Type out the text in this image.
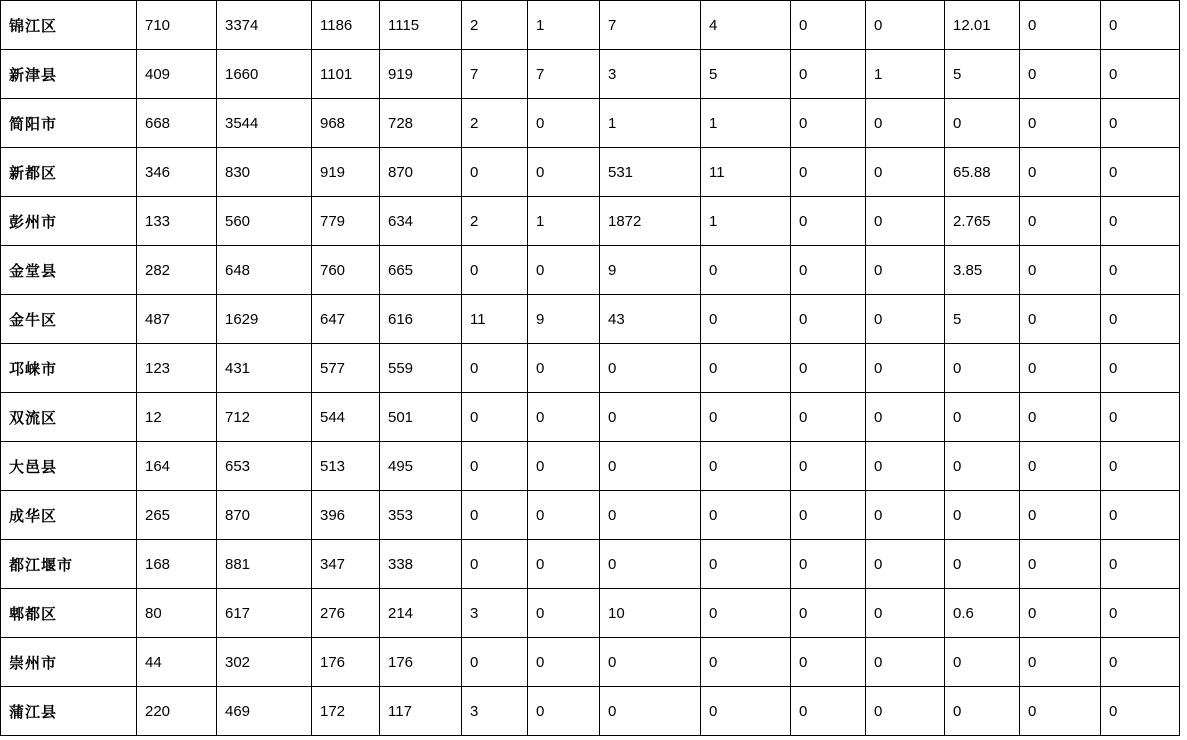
锦江区	710	3374	1186	1115	2	1	7	4	0	0	12.01	0	0
新津县	409	1660	1101	919	7	7	3	5	0	1	5	0	0
简阳市	668	3544	968	728	2	0	1	1	0	0	0	0	0
新都区	346	830	919	870	0	0	531	11	0	0	65.88	0	0
彭州市	133	560	779	634	2	1	1872	1	0	0	2.765	0	0
金堂县	282	648	760	665	0	0	9	0	0	0	3.85	0	0
金牛区	487	1629	647	616	11	9	43	0	0	0	5	0	0
邛崃市	123	431	577	559	0	0	0	0	0	0	0	0	0
双流区	12	712	544	501	0	0	0	0	0	0	0	0	0
大邑县	164	653	513	495	0	0	0	0	0	0	0	0	0
成华区	265	870	396	353	0	0	0	0	0	0	0	0	0
都江堰市	168	881	347	338	0	0	0	0	0	0	0	0	0
郫都区	80	617	276	214	3	0	10	0	0	0	0.6	0	0
崇州市	44	302	176	176	0	0	0	0	0	0	0	0	0
蒲江县	220	469	172	117	3	0	0	0	0	0	0	0	0
